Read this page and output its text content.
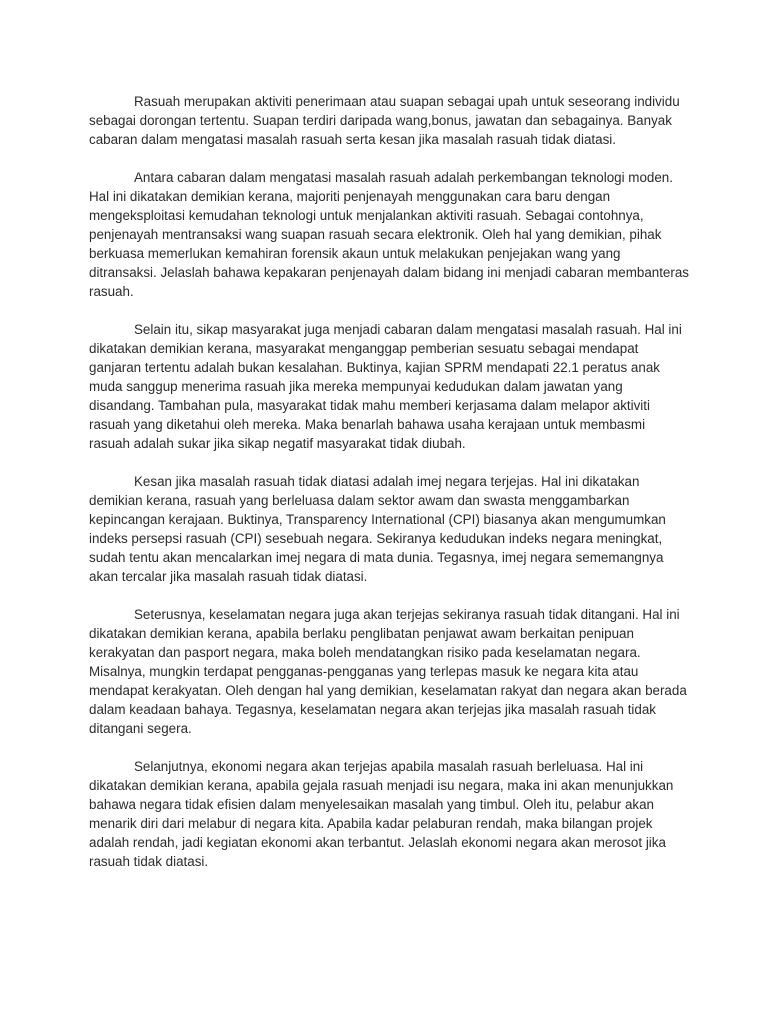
Rasuah merupakan aktiviti penerimaan atau suapan sebagai upah untuk seseorang individu sebagai dorongan tertentu. Suapan terdiri daripada wang,bonus, jawatan dan sebagainya. Banyak cabaran dalam mengatasi masalah rasuah serta kesan jika masalah rasuah tidak diatasi.

Antara cabaran dalam mengatasi masalah rasuah adalah perkembangan teknologi moden. Hal ini dikatakan demikian kerana, majoriti penjenayah menggunakan cara baru dengan mengeksploitasi kemudahan teknologi untuk menjalankan aktiviti rasuah. Sebagai contohnya, penjenayah mentransaksi wang suapan rasuah secara elektronik. Oleh hal yang demikian, pihak berkuasa memerlukan kemahiran forensik akaun untuk melakukan penjejakan wang yang ditransaksi. Jelaslah bahawa kepakaran penjenayah dalam bidang ini menjadi cabaran membanteras rasuah.

Selain itu, sikap masyarakat juga menjadi cabaran dalam mengatasi masalah rasuah. Hal ini dikatakan demikian kerana, masyarakat menganggap pemberian sesuatu sebagai mendapat ganjaran tertentu adalah bukan kesalahan. Buktinya, kajian SPRM mendapati 22.1 peratus anak muda sanggup menerima rasuah jika mereka mempunyai kedudukan dalam jawatan yang disandang. Tambahan pula, masyarakat tidak mahu memberi kerjasama dalam melapor aktiviti rasuah yang diketahui oleh mereka. Maka benarlah bahawa usaha kerajaan untuk membasmi rasuah adalah sukar jika sikap negatif masyarakat tidak diubah.

Kesan jika masalah rasuah tidak diatasi adalah imej negara terjejas. Hal ini dikatakan demikian kerana, rasuah yang berleluasa dalam sektor awam dan swasta menggambarkan kepincangan kerajaan. Buktinya, Transparency International (CPI) biasanya akan mengumumkan indeks persepsi rasuah (CPI) sesebuah negara. Sekiranya kedudukan indeks negara meningkat, sudah tentu akan mencalarkan imej negara di mata dunia. Tegasnya, imej negara sememangnya akan tercalar jika masalah rasuah tidak diatasi.

Seterusnya, keselamatan negara juga akan terjejas sekiranya rasuah tidak ditangani. Hal ini dikatakan demikian kerana, apabila berlaku penglibatan penjawat awam berkaitan penipuan kerakyatan dan pasport negara, maka boleh mendatangkan risiko pada keselamatan negara. Misalnya, mungkin terdapat pengganas-pengganas yang terlepas masuk ke negara kita atau mendapat kerakyatan. Oleh dengan hal yang demikian, keselamatan rakyat dan negara akan berada dalam keadaan bahaya. Tegasnya, keselamatan negara akan terjejas jika masalah rasuah tidak ditangani segera.

Selanjutnya, ekonomi negara akan terjejas apabila masalah rasuah berleluasa. Hal ini dikatakan demikian kerana, apabila gejala rasuah menjadi isu negara, maka ini akan menunjukkan bahawa negara tidak efisien dalam menyelesaikan masalah yang timbul. Oleh itu, pelabur akan menarik diri dari melabur di negara kita. Apabila kadar pelaburan rendah, maka bilangan projek adalah rendah, jadi kegiatan ekonomi akan terbantut. Jelaslah ekonomi negara akan merosot jika rasuah tidak diatasi.
